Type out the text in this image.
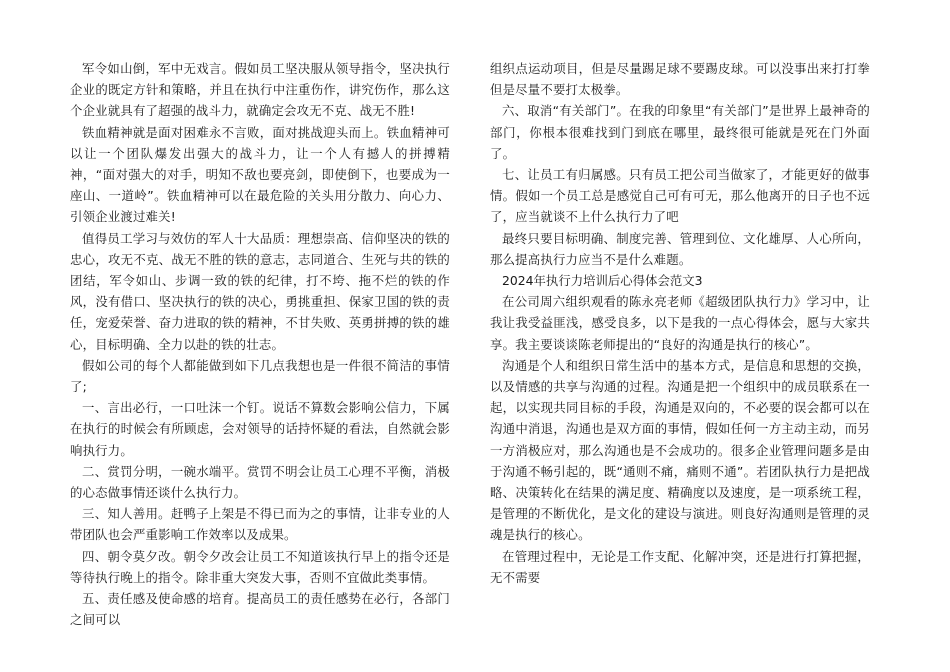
军令如山倒，军中无戏言。假如员工坚决服从领导指令，坚决执行企业的既定方针和策略，并且在执行中注重伤作，讲究伤作，那么这个企业就具有了超强的战斗力，就确定会攻无不克、战无不胜!

铁血精神就是面对困难永不言败，面对挑战迎头而上。铁血精神可以让一个团队爆发出强大的战斗力，让一个人有撼人的拼搏精神，“面对强大的对手，明知不敌也要亮剑，即使倒下，也要成为一座山、一道岭”。铁血精神可以在最危险的关头用分散力、向心力、引领企业渡过难关!

值得员工学习与效仿的军人十大品质：理想崇高、信仰坚决的铁的忠心，攻无不克、战无不胜的铁的意志，志同道合、生死与共的铁的团结，军令如山、步调一致的铁的纪律，打不垮、拖不烂的铁的作风，没有借口、坚决执行的铁的决心，勇挑重担、保家卫国的铁的责任，宠爱荣誉、奋力进取的铁的精神，不甘失败、英勇拼搏的铁的雄心，目标明确、全力以赴的铁的壮志。

假如公司的每个人都能做到如下几点我想也是一件很不简洁的事情了;

一、言出必行，一口吐沫一个钉。说话不算数会影响公信力，下属在执行的时候会有所顾虑，会对领导的话持怀疑的看法，自然就会影响执行力。

二、赏罚分明，一碗水端平。赏罚不明会让员工心理不平衡，消极的心态做事情还谈什么执行力。

三、知人善用。赶鸭子上架是不得已而为之的事情，让非专业的人带团队也会严重影响工作效率以及成果。

四、朝令莫夕改。朝令夕改会让员工不知道该执行早上的指令还是等待执行晚上的指令。除非重大突发大事，否则不宜做此类事情。

五、责任感及使命感的培育。提高员工的责任感势在必行，各部门之间可以

组织点运动项目，但是尽量踢足球不要踢皮球。可以没事出来打打拳但是尽量不要打太极拳。

六、取消“有关部门”。在我的印象里“有关部门”是世界上最神奇的部门，你根本很难找到门到底在哪里，最终很可能就是死在门外面了。

七、让员工有归属感。只有员工把公司当做家了，才能更好的做事情。假如一个员工总是感觉自己可有可无，那么他离开的日子也不远了，应当就谈不上什么执行力了吧

最终只要目标明确、制度完善、管理到位、文化雄厚、人心所向，那么提高执行力应当不是什么难题。

2024年执行力培训后心得体会范文3

在公司周六组织观看的陈永亮老师《超级团队执行力》学习中，让我让我受益匪浅，感受良多，以下是我的一点心得体会，愿与大家共享。我主要谈谈陈老师提出的“良好的沟通是执行的核心”。

沟通是个人和组织日常生活中的基本方式，是信息和思想的交换，以及情感的共享与沟通的过程。沟通是把一个组织中的成员联系在一起，以实现共同目标的手段，沟通是双向的，不必要的误会都可以在沟通中消退，沟通也是双方面的事情，假如任何一方主动主动，而另一方消极应对，那么沟通也是不会成功的。很多企业管理问题多是由于沟通不畅引起的，既“通则不痛，痛则不通”。若团队执行力是把战略、决策转化在结果的满足度、精确度以及速度，是一项系统工程，是管理的不断优化，是文化的建设与演进。则良好沟通则是管理的灵魂是执行的核心。

在管理过程中，无论是工作支配、化解冲突，还是进行打算把握，无不需要
